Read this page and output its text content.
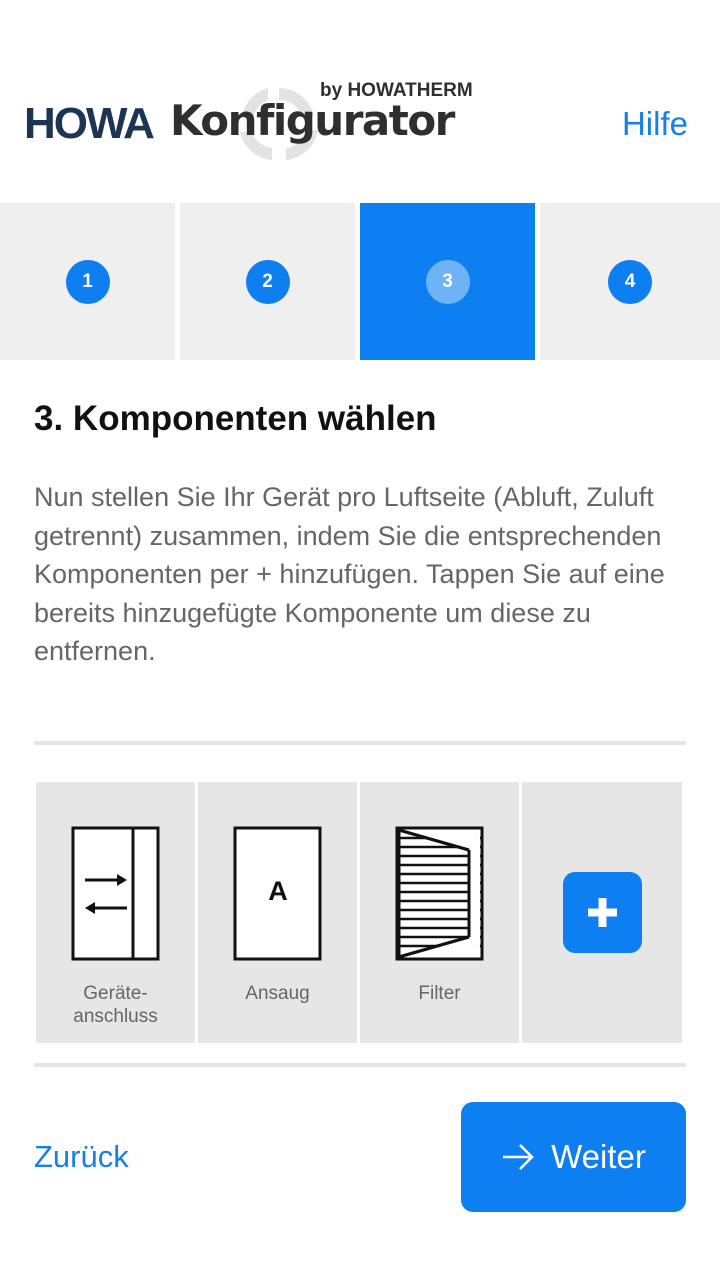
HOWA Konfigurator
by HOWATHERM
Hilfe
1	2	3	4
3. Komponenten wählen

Nun stellen Sie Ihr Gerät pro Luftseite (Abluft, Zuluft getrennt) zusammen, indem Sie die entsprechenden Komponenten per + hinzufügen. Tappen Sie auf eine bereits hinzugefügte Komponente um diese zu entfernen.

Geräte-
anschluss
A
Ansaug	Filter
Zurück	Weiter
